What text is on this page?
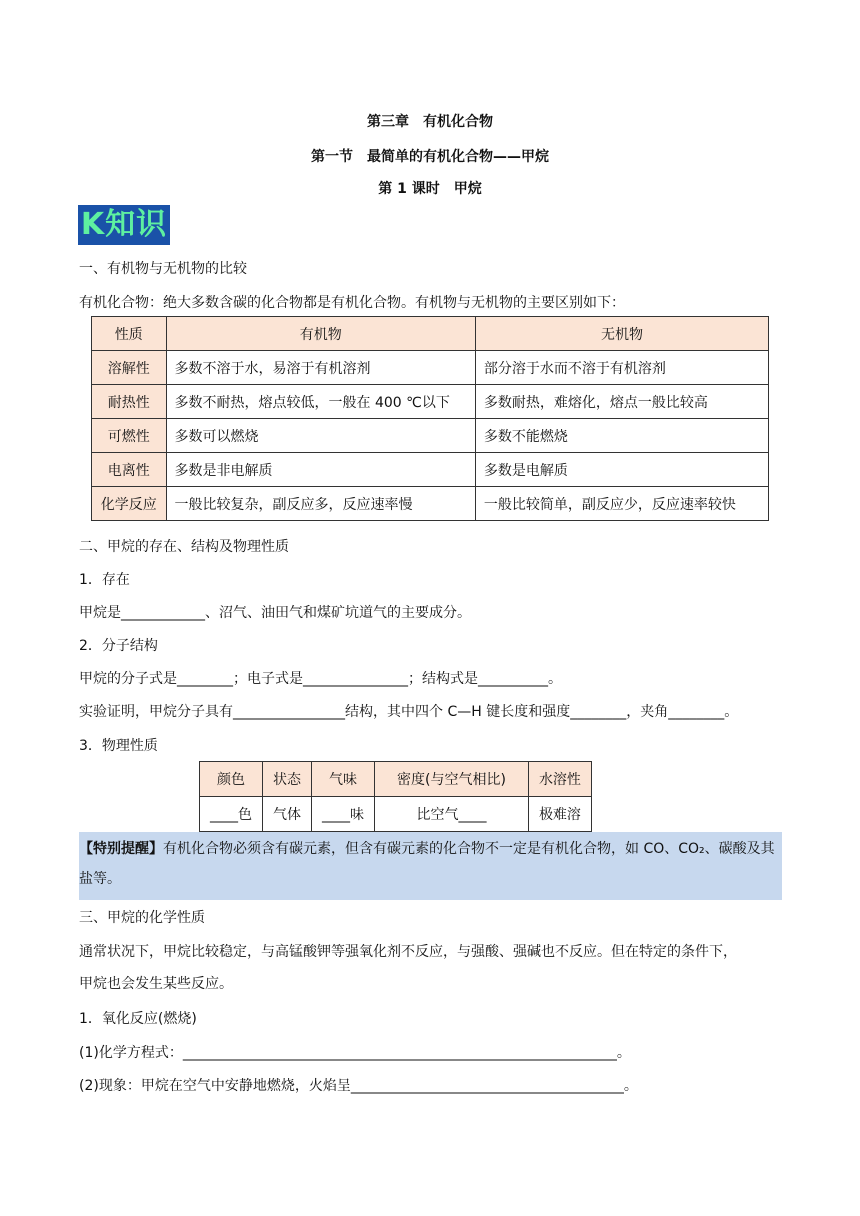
第三章　有机化合物
第一节　最简单的有机化合物——甲烷
第 1 课时　甲烷
K知识
一、有机物与无机物的比较
有机化合物：绝大多数含碳的化合物都是有机化合物。有机物与无机物的主要区别如下：
性质	有机物	无机物
溶解性	多数不溶于水，易溶于有机溶剂	部分溶于水而不溶于有机溶剂
耐热性	多数不耐热，熔点较低，一般在 400 ℃以下	多数耐热，难熔化，熔点一般比较高
可燃性	多数可以燃烧	多数不能燃烧
电离性	多数是非电解质	多数是电解质
化学反应	一般比较复杂，副反应多，反应速率慢	一般比较简单，副反应少，反应速率较快
二、甲烷的存在、结构及物理性质
1．存在
甲烷是____________、沼气、油田气和煤矿坑道气的主要成分。
2．分子结构
甲烷的分子式是________；电子式是_______________；结构式是__________。
实验证明，甲烷分子具有________________结构，其中四个 C—H 键长度和强度________，夹角________。
3．物理性质
颜色	状态	气味	密度(与空气相比)	水溶性
____色	气体	____味	比空气____	极难溶
【特别提醒】有机化合物必须含有碳元素，但含有碳元素的化合物不一定是有机化合物，如 CO、CO₂、碳酸及其盐等。
三、甲烷的化学性质
通常状况下，甲烷比较稳定，与高锰酸钾等强氧化剂不反应，与强酸、强碱也不反应。但在特定的条件下，
甲烷也会发生某些反应。
1．氧化反应(燃烧)
(1)化学方程式：______________________________________________________________。
(2)现象：甲烷在空气中安静地燃烧，火焰呈_______________________________________。
